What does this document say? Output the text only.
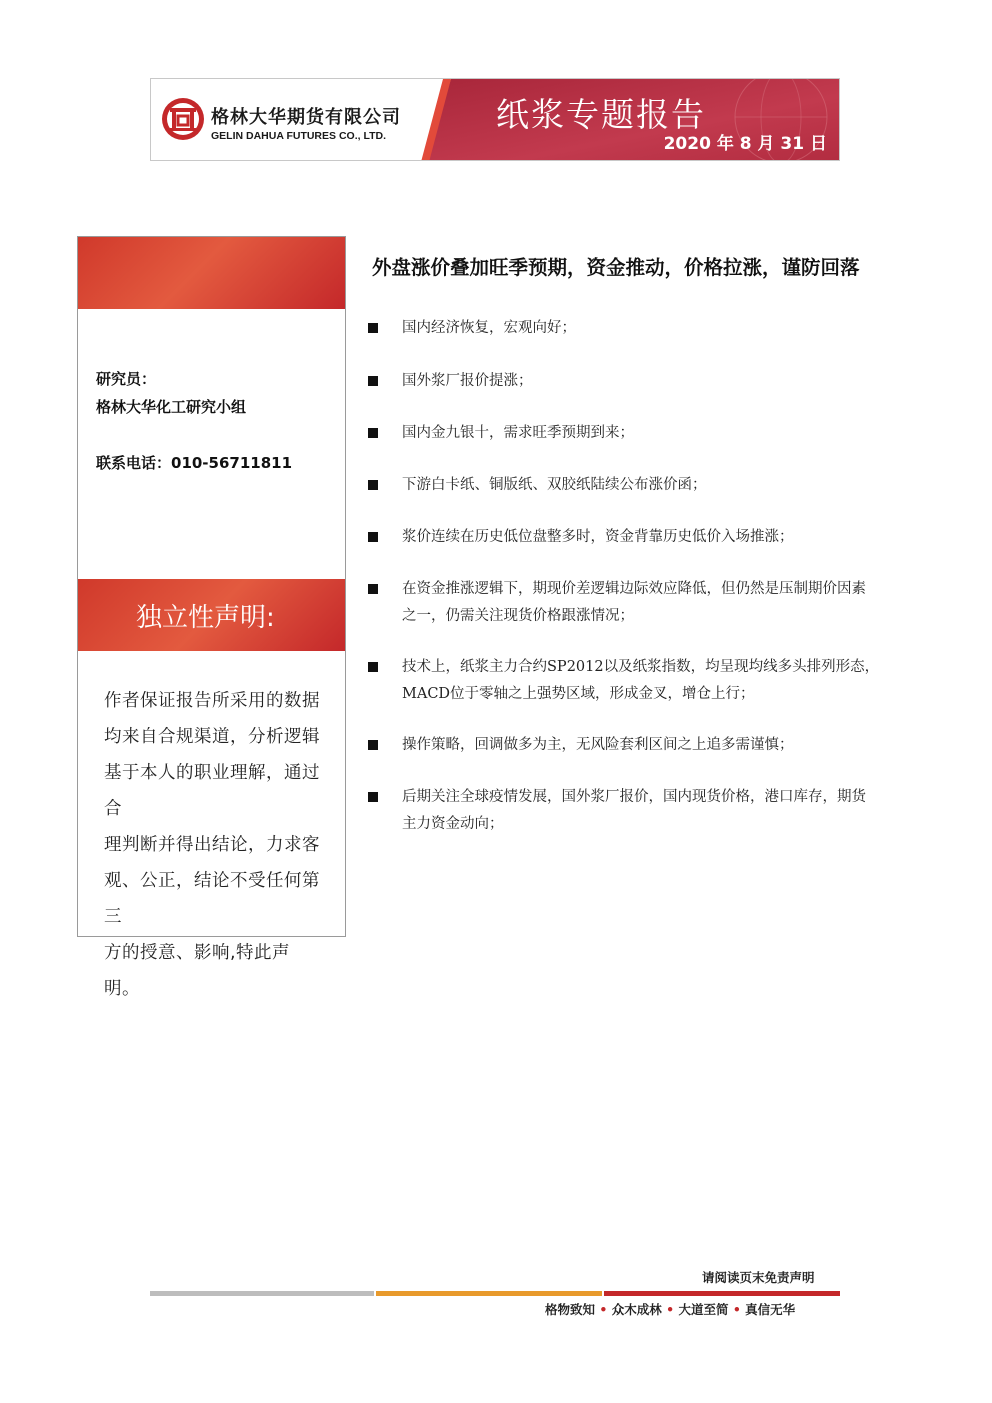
格林大华期货有限公司
GELIN DAHUA FUTURES CO., LTD.
纸浆专题报告
2020 年 8 月 31 日
研究员：
格林大华化工研究小组
联系电话：010-56711811
独立性声明:
作者保证报告所采用的数据
均来自合规渠道，分析逻辑
基于本人的职业理解，通过合
理判断并得出结论，力求客
观、公正，结论不受任何第三
方的授意、影响,特此声明。
外盘涨价叠加旺季预期，资金推动，价格拉涨，谨防回落
国内经济恢复，宏观向好；
国外浆厂报价提涨；
国内金九银十，需求旺季预期到来；
下游白卡纸、铜版纸、双胶纸陆续公布涨价函；
浆价连续在历史低位盘整多时，资金背靠历史低价入场推涨；
在资金推涨逻辑下，期现价差逻辑边际效应降低，但仍然是压制期价因素
之一，仍需关注现货价格跟涨情况；
技术上，纸浆主力合约SP2012以及纸浆指数，均呈现均线多头排列形态，
MACD位于零轴之上强势区域，形成金叉，增仓上行；
操作策略，回调做多为主，无风险套利区间之上追多需谨慎；
后期关注全球疫情发展，国外浆厂报价，国内现货价格，港口库存，期货
主力资金动向；
请阅读页末免责声明
格物致知 • 众木成林 • 大道至简 • 真信无华
